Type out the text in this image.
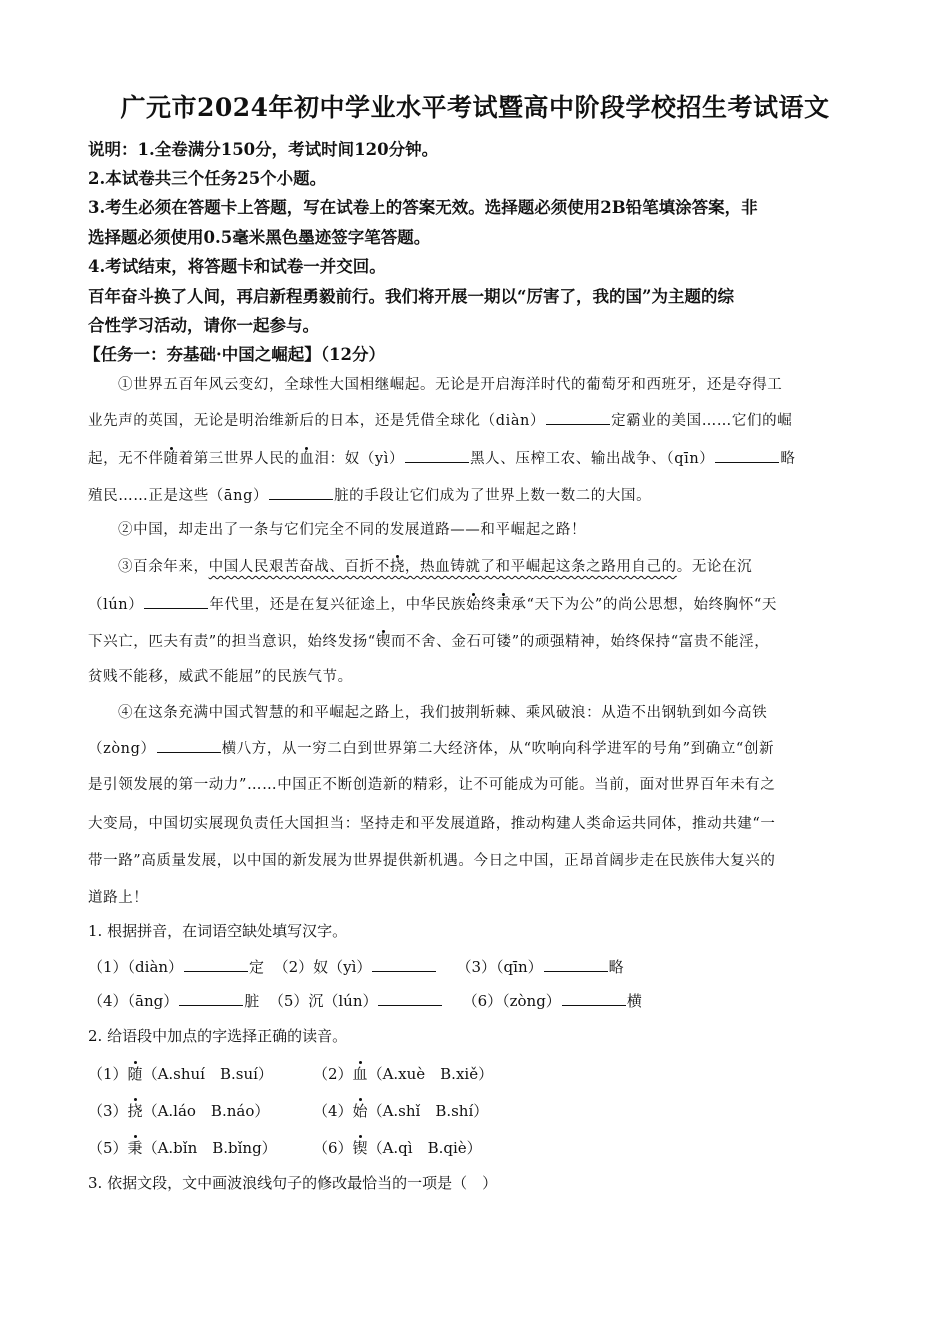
广元市2024年初中学业水平考试暨高中阶段学校招生考试语文
说明：1.全卷满分150分，考试时间120分钟。
2.本试卷共三个任务25个小题。
3.考生必须在答题卡上答题，写在试卷上的答案无效。选择题必须使用2B铅笔填涂答案，非
选择题必须使用0.5毫米黑色墨迹签字笔答题。
4.考试结束，将答题卡和试卷一并交回。
百年奋斗换了人间，再启新程勇毅前行。我们将开展一期以“厉害了，我的国”为主题的综
合性学习活动，请你一起参与。
【任务一：夯基础·中国之崛起】（12分）
①世界五百年风云变幻，全球性大国相继崛起。无论是开启海洋时代的葡萄牙和西班牙，还是夺得工
业先声的英国，无论是明治维新后的日本，还是凭借全球化（diàn）	定霸业的美国……它们的崛
起，无不伴随着第三世界人民的血泪：奴（yì）	黑人、压榨工农、输出战争、（qīn）	略
殖民……正是这些（āng）	脏的手段让它们成为了世界上数一数二的大国。
②中国，却走出了一条与它们完全不同的发展道路——和平崛起之路！
③百余年来，中国人民艰苦奋战、百折不挠，热血铸就了和平崛起这条之路用自己的。无论在沉
（lún）	年代里，还是在复兴征途上，中华民族始终秉承“天下为公”的尚公思想，始终胸怀“天
下兴亡，匹夫有责”的担当意识，始终发扬“锲而不舍、金石可镂”的顽强精神，始终保持“富贵不能淫，
贫贱不能移，威武不能屈”的民族气节。
④在这条充满中国式智慧的和平崛起之路上，我们披荆斩棘、乘风破浪：从造不出钢轨到如今高铁
（zòng）	横八方，从一穷二白到世界第二大经济体，从“吹响向科学进军的号角”到确立“创新
是引领发展的第一动力”……中国正不断创造新的精彩，让不可能成为可能。当前，面对世界百年未有之
大变局，中国切实展现负责任大国担当：坚持走和平发展道路，推动构建人类命运共同体，推动共建“一
带一路”高质量发展，以中国的新发展为世界提供新机遇。今日之中国，正昂首阔步走在民族伟大复兴的
道路上！
1. 根据拼音，在词语空缺处填写汉字。
（1）（diàn）	定 （2）奴（yì）	（3）（qīn）	略
（4）（āng）	脏 （5）沉（lún）	（6）（zòng）	横
2. 给语段中加点的字选择正确的读音。
（1）随（A.shuí　B.suí）	（2）血（A.xuè　B.xiě）
（3）挠（A.láo　B.náo）	（4）始（A.shǐ　B.shí）
（5）秉（A.bǐn　B.bǐng） （6）锲（A.qì　B.qiè）
3. 依据文段，文中画波浪线句子的修改最恰当的一项是（　）
